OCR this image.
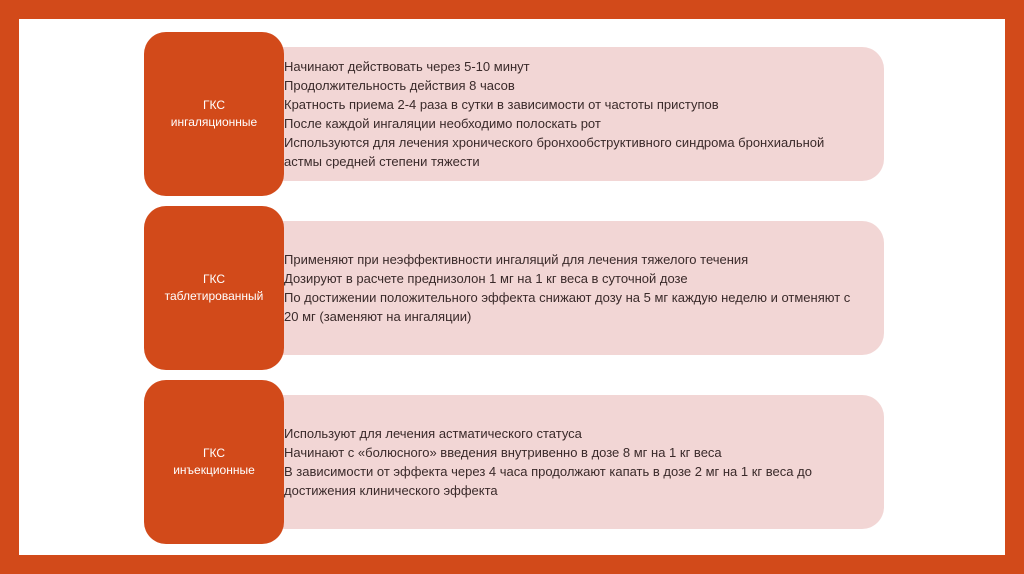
• Начинают действовать через 5-10 минут
• Продолжительность действия 8 часов
• Кратность приема 2-4 раза в сутки в зависимости от частоты приступов
• После каждой ингаляции необходимо полоскать рот
• Используются для лечения хронического бронхообструктивного синдрома бронхиальной астмы средней степени тяжести
ГКС
ингаляционные
• Применяют при неэффективности ингаляций для лечения тяжелого течения
• Дозируют в расчете преднизолон 1 мг на 1 кг веса в суточной дозе
• По достижении положительного эффекта снижают дозу на 5 мг каждую неделю и отменяют с 20 мг (заменяют на ингаляции)
ГКС
таблетированный
• Используют для лечения астматического статуса
• Начинают с «болюсного» введения внутривенно в дозе 8 мг на 1 кг веса
• В зависимости от эффекта через 4 часа продолжают капать в дозе 2 мг на 1 кг веса до достижения клинического эффекта
ГКС
инъекционные
